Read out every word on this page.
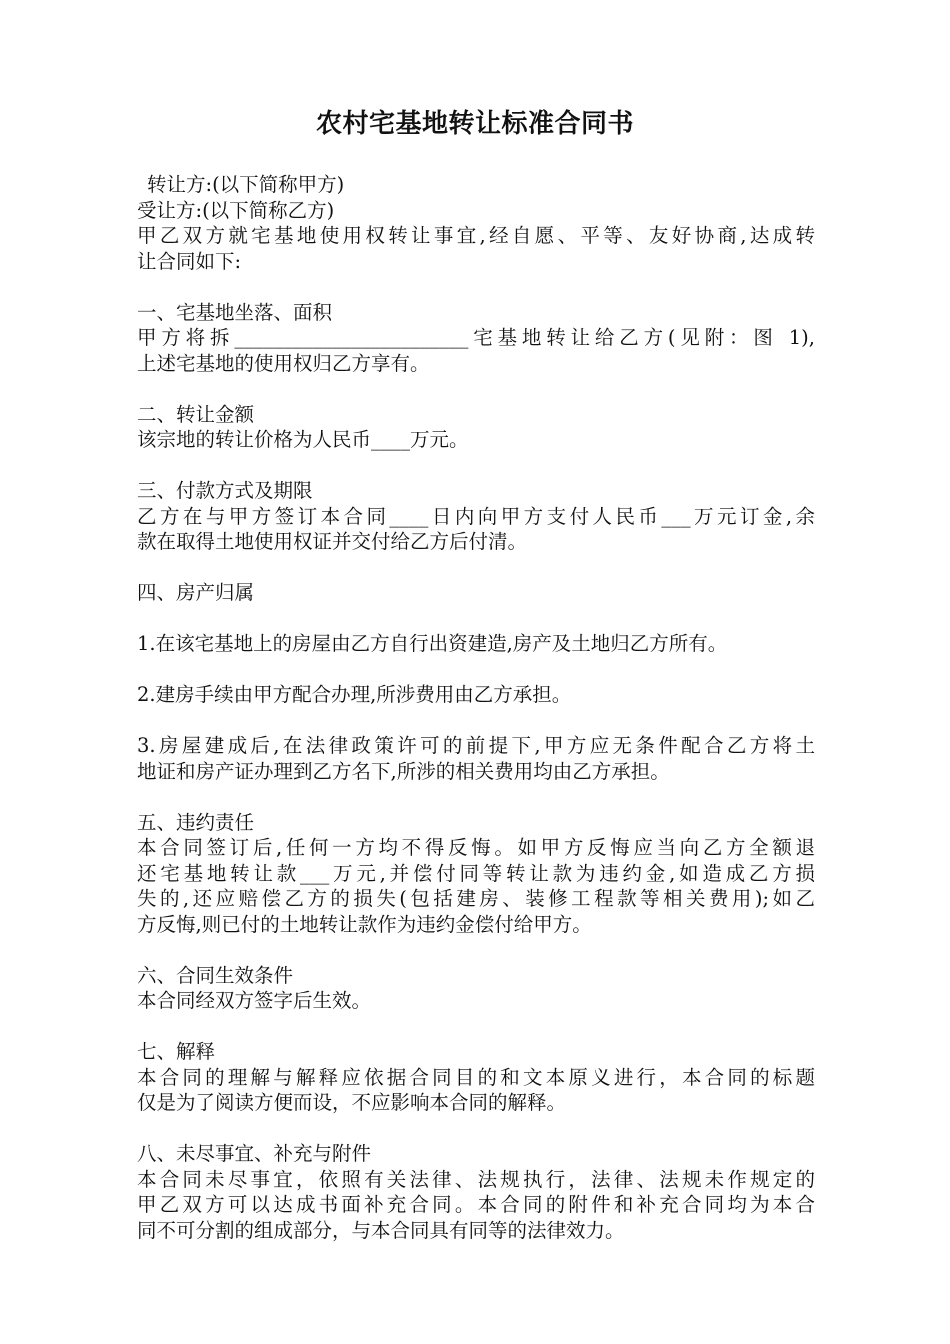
农村宅基地转让标准合同书
转让方:(以下简称甲方)
受让方:(以下简称乙方)
甲乙双方就宅基地使用权转让事宜,经自愿、平等、友好协商,达成转
让合同如下:
一、宅基地坐落、面积
甲方将拆________________________宅基地转让给乙方(见附：图 1),
上述宅基地的使用权归乙方享有。
二、转让金额
该宗地的转让价格为人民币____万元。
三、付款方式及期限
乙方在与甲方签订本合同____日内向甲方支付人民币___万元订金,余
款在取得土地使用权证并交付给乙方后付清。
四、房产归属
1.在该宅基地上的房屋由乙方自行出资建造,房产及土地归乙方所有。
2.建房手续由甲方配合办理,所涉费用由乙方承担。
3.房屋建成后,在法律政策许可的前提下,甲方应无条件配合乙方将土
地证和房产证办理到乙方名下,所涉的相关费用均由乙方承担。
五、违约责任
本合同签订后,任何一方均不得反悔。如甲方反悔应当向乙方全额退
还宅基地转让款___万元,并偿付同等转让款为违约金,如造成乙方损
失的,还应赔偿乙方的损失(包括建房、装修工程款等相关费用);如乙
方反悔,则已付的土地转让款作为违约金偿付给甲方。
六、合同生效条件
本合同经双方签字后生效。
七、解释
本合同的理解与解释应依据合同目的和文本原义进行，本合同的标题
仅是为了阅读方便而设，不应影响本合同的解释。
八、未尽事宜、补充与附件
本合同未尽事宜，依照有关法律、法规执行，法律、法规未作规定的
甲乙双方可以达成书面补充合同。本合同的附件和补充合同均为本合
同不可分割的组成部分，与本合同具有同等的法律效力。
